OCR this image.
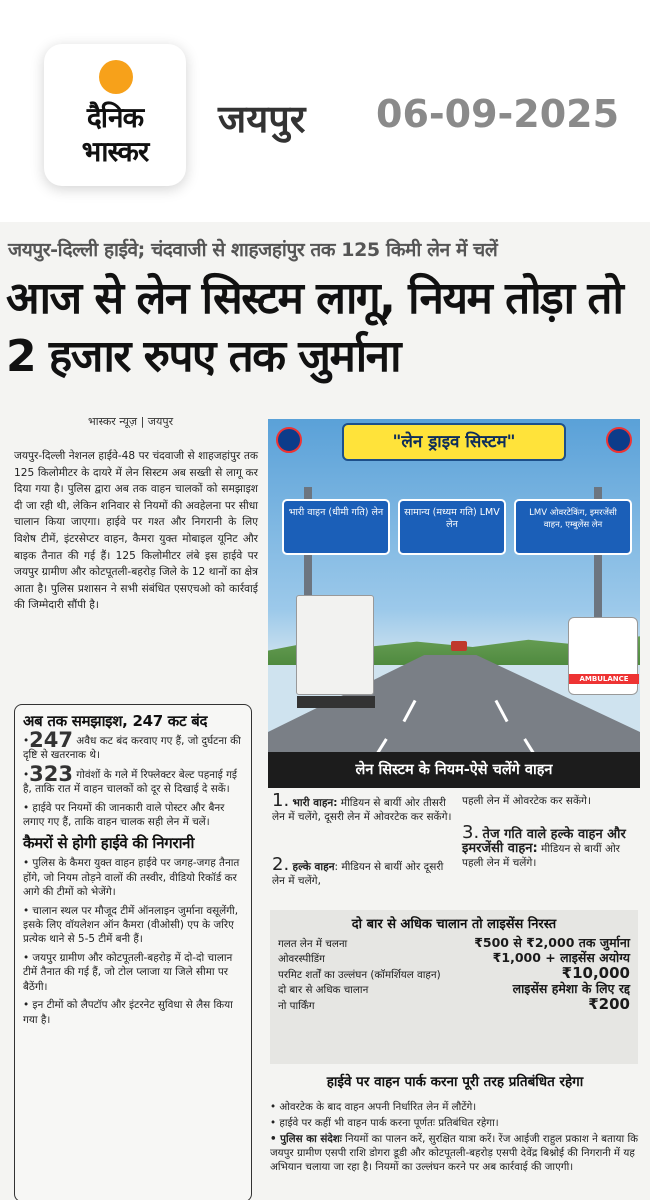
दैनिक
भास्कर
जयपुर 06-09-2025
जयपुर-दिल्ली हाईवे; चंदवाजी से शाहजहांपुर तक 125 किमी लेन में चलें
आज से लेन सिस्टम लागू, नियम तोड़ा तो 2 हजार रुपए तक जुर्माना
भास्कर न्यूज़ | जयपुर
जयपुर-दिल्ली नेशनल हाईवे-48 पर चंदवाजी से शाहजहांपुर तक 125 किलोमीटर के दायरे में लेन सिस्टम अब सख्ती से लागू कर दिया गया है। पुलिस द्वारा अब तक वाहन चालकों को समझाइश दी जा रही थी, लेकिन शनिवार से नियमों की अवहेलना पर सीधा चालान किया जाएगा। हाईवे पर गश्त और निगरानी के लिए विशेष टीमें, इंटरसेप्टर वाहन, कैमरा युक्त मोबाइल यूनिट और बाइक तैनात की गई हैं। 125 किलोमीटर लंबे इस हाईवे पर जयपुर ग्रामीण और कोटपूतली-बहरोड़ जिले के 12 थानों का क्षेत्र आता है। पुलिस प्रशासन ने सभी संबंधित एसएचओ को कार्रवाई की जिम्मेदारी सौंपी है।
अब तक समझाइश, 247 कट बंद
•247 अवैध कट बंद करवाए गए हैं, जो दुर्घटना की दृष्टि से खतरनाक थे।
•323 गोवंशों के गले में रिफ्लेक्टर बेल्ट पहनाई गई है, ताकि रात में वाहन चालकों को दूर से दिखाई दे सकें।
• हाईवे पर नियमों की जानकारी वाले पोस्टर और बैनर लगाए गए हैं, ताकि वाहन चालक सही लेन में चलें।
कैमरों से होगी हाईवे की निगरानी
• पुलिस के कैमरा युक्त वाहन हाईवे पर जगह-जगह तैनात होंगे, जो नियम तोड़ने वालों की तस्वीर, वीडियो रिकॉर्ड कर आगे की टीमों को भेजेंगे।
• चालान स्थल पर मौजूद टीमें ऑनलाइन जुर्माना वसूलेंगी, इसके लिए वॉयलेशन ऑन कैमरा (वीओसी) एप के जरिए प्रत्येक थाने से 5-5 टीमें बनी हैं।
• जयपुर ग्रामीण और कोटपूतली-बहरोड़ में दो-दो चालान टीमें तैनात की गई हैं, जो टोल प्लाजा या जिले सीमा पर बैठेंगी।
• इन टीमों को लैपटॉप और इंटरनेट सुविधा से लैस किया गया है।
"लेन ड्राइव सिस्टम"
भारी वाहन (धीमी गति) लेन	सामान्य (मध्यम गति) LMV लेन
LMV ओवरटेकिंग, इमरजेंसी वाहन, एम्बुलेंस लेन
AMBULANCE
लेन सिस्टम के नियम-ऐसे चलेंगे वाहन
1. भारी वाहन: मीडियन से बायीं ओर तीसरी लेन में चलेंगे, दूसरी लेन में ओवरटेक कर सकेंगे।
2. हल्के वाहन: मीडियन से बायीं ओर दूसरी लेन में चलेंगे,
पहली लेन में ओवरटेक कर सकेंगे।
3. तेज गति वाले हल्के वाहन और इमरजेंसी वाहन: मीडियन से बायीं ओर पहली लेन में चलेंगे।
दो बार से अधिक चालान तो लाइसेंस निरस्त
गलत लेन में चलना	₹500 से ₹2,000 तक जुर्माना
ओवरस्पीडिंग	₹1,000 + लाइसेंस अयोग्य
परमिट शर्तों का उल्लंघन (कॉमर्शियल वाहन)	₹10,000
दो बार से अधिक चालान	लाइसेंस हमेशा के लिए रद्द
नो पार्किंग	₹200
हाईवे पर वाहन पार्क करना पूरी तरह प्रतिबंधित रहेगा
• ओवरटेक के बाद वाहन अपनी निर्धारित लेन में लौटेंगे।
• हाईवे पर कहीं भी वाहन पार्क करना पूर्णतः प्रतिबंधित रहेगा।
• पुलिस का संदेशः नियमों का पालन करें, सुरक्षित यात्रा करें। रेंज आईजी राहुल प्रकाश ने बताया कि जयपुर ग्रामीण एसपी राशि डोगरा डूडी और कोटपूतली-बहरोड़ एसपी देवेंद्र बिश्नोई की निगरानी में यह अभियान चलाया जा रहा है। नियमों का उल्लंघन करने पर अब कार्रवाई की जाएगी।
